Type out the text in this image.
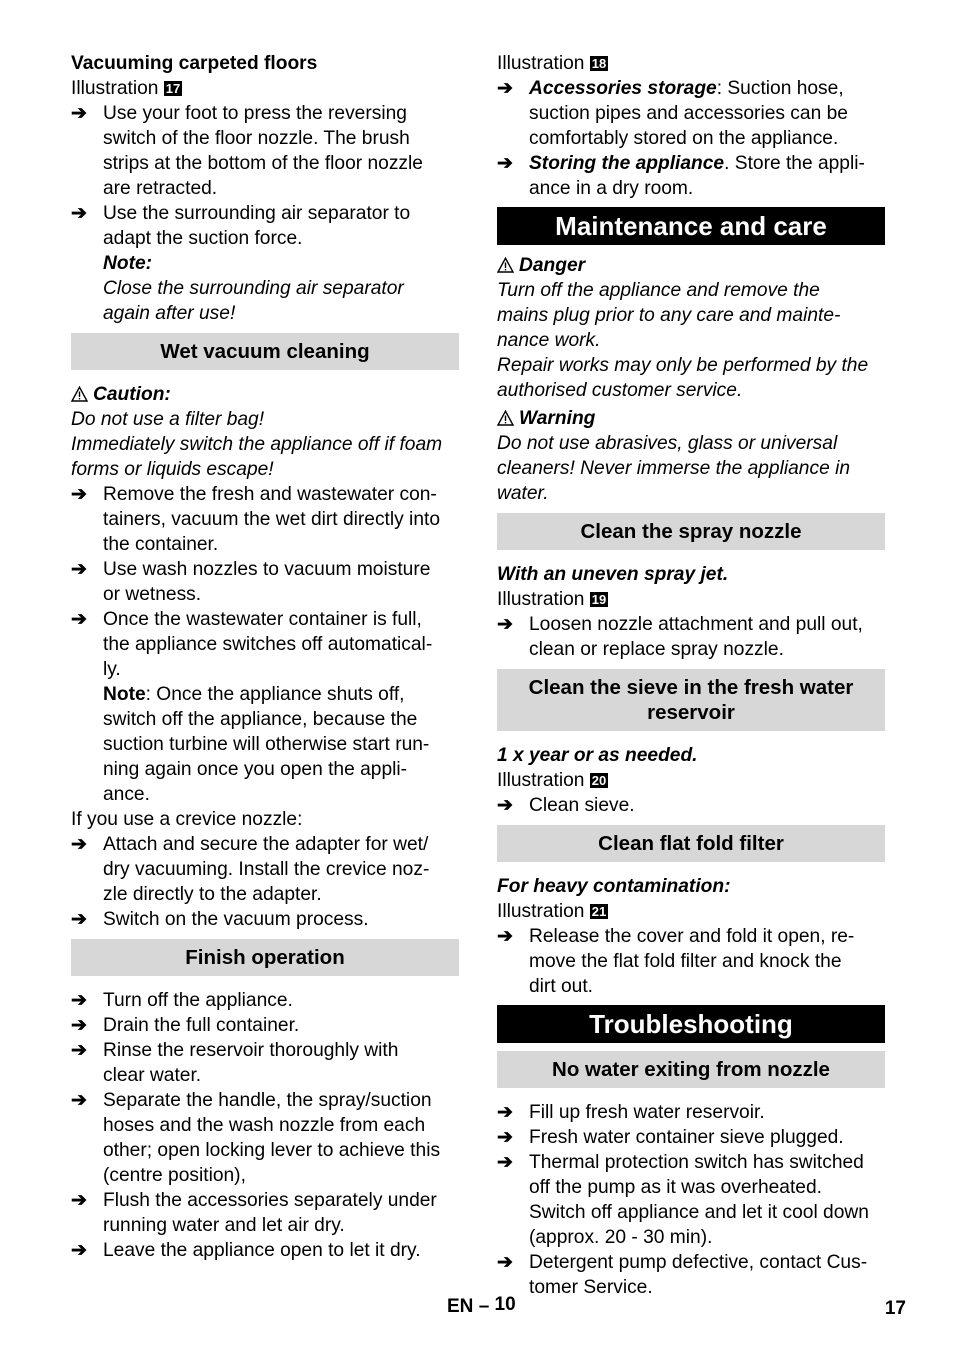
Vacuuming carpeted floors
Illustration 17
➔ Use your foot to press the reversing
switch of the floor nozzle. The brush
strips at the bottom of the floor nozzle
are retracted.
➔ Use the surrounding air separator to
adapt the suction force.
Note:
Close the surrounding air separator
again after use!
Wet vacuum cleaning
Caution:
Do not use a filter bag!
Immediately switch the appliance off if foam
forms or liquids escape!
➔ Remove the fresh and wastewater con-
tainers, vacuum the wet dirt directly into
the container.
➔ Use wash nozzles to vacuum moisture
or wetness.
➔ Once the wastewater container is full,
the appliance switches off automatical-
ly.
Note: Once the appliance shuts off,
switch off the appliance, because the
suction turbine will otherwise start run-
ning again once you open the appli-
ance.
If you use a crevice nozzle:
➔ Attach and secure the adapter for wet/
dry vacuuming. Install the crevice noz-
zle directly to the adapter.
➔ Switch on the vacuum process.
Finish operation
➔ Turn off the appliance.
➔ Drain the full container.
➔ Rinse the reservoir thoroughly with
clear water.
➔ Separate the handle, the spray/suction
hoses and the wash nozzle from each
other; open locking lever to achieve this
(centre position),
➔ Flush the accessories separately under
running water and let air dry.
➔ Leave the appliance open to let it dry.
Illustration 18
➔ Accessories storage: Suction hose,
suction pipes and accessories can be
comfortably stored on the appliance.
➔ Storing the appliance. Store the appli-
ance in a dry room.
Maintenance and care
Danger
Turn off the appliance and remove the
mains plug prior to any care and mainte-
nance work.
Repair works may only be performed by the
authorised customer service.
Warning
Do not use abrasives, glass or universal
cleaners! Never immerse the appliance in
water.
Clean the spray nozzle
With an uneven spray jet.
Illustration 19
➔ Loosen nozzle attachment and pull out,
clean or replace spray nozzle.
Clean the sieve in the fresh water
reservoir
1 x year or as needed.
Illustration 20
➔ Clean sieve.
Clean flat fold filter
For heavy contamination:
Illustration 21
➔ Release the cover and fold it open, re-
move the flat fold filter and knock the
dirt out.
Troubleshooting
No water exiting from nozzle
➔ Fill up fresh water reservoir.
➔ Fresh water container sieve plugged.
➔ Thermal protection switch has switched
off the pump as it was overheated.
Switch off appliance and let it cool down
(approx. 20 - 30 min).
➔ Detergent pump defective, contact Cus-
tomer Service.
EN – 10	17
